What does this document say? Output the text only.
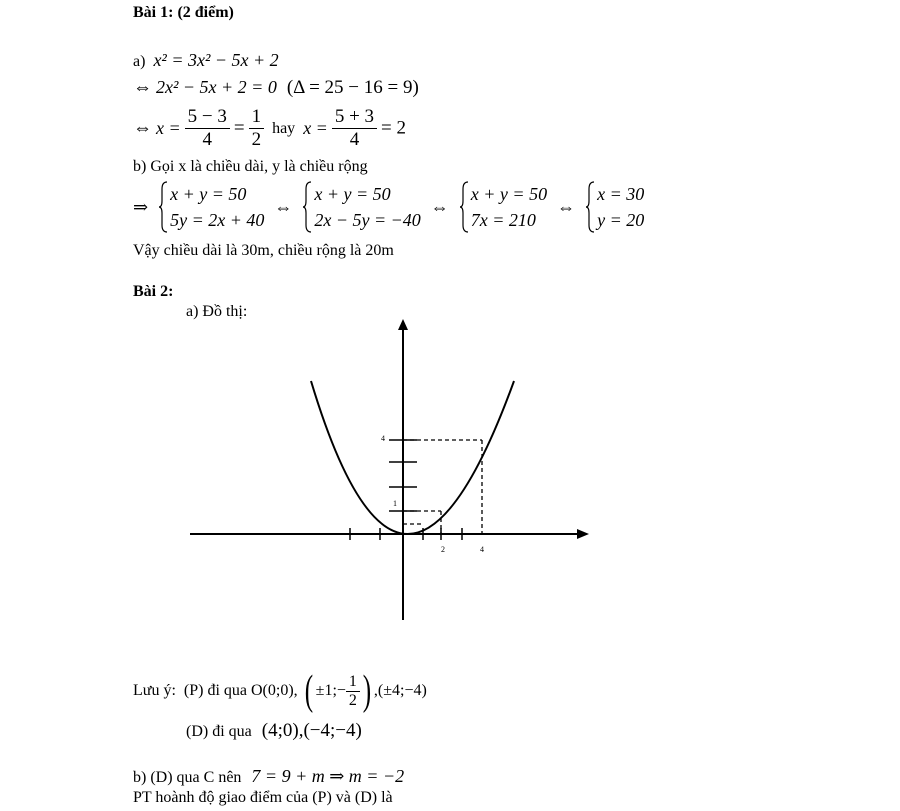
Bài 1: (2 điểm)
a) x² = 3x² − 5x + 2
⇔ 2x² − 5x + 2 = 0 (Δ = 25 − 16 = 9)
⇔ $x = \frac{5 - 3}{4} = \frac{1}{2}$ hay $x = \frac{5 + 3}{4} = 2$
b) Gọi x là chiều dài, y là chiều rộng
⇒
x + y = 50
5y = 2x + 40
⇔
x + y = 50
2x − 5y = −40
⇔
x + y = 50
7x = 210
⇔
x = 30
y = 20
Vậy chiều dài là 30m, chiều rộng là 20m
Bài 2:
a) Đồ thị:
4
1
2	4
Lưu ý: (P) đi qua O(0;0), ( ±1;− $\frac{1}{2}$ ) ,(±4;−4)
(D) đi qua (4;0),(−4;−4)
b) (D) qua C nên 7 = 9 + m ⇒ m = −2
PT hoành độ giao điểm của (P) và (D) là
